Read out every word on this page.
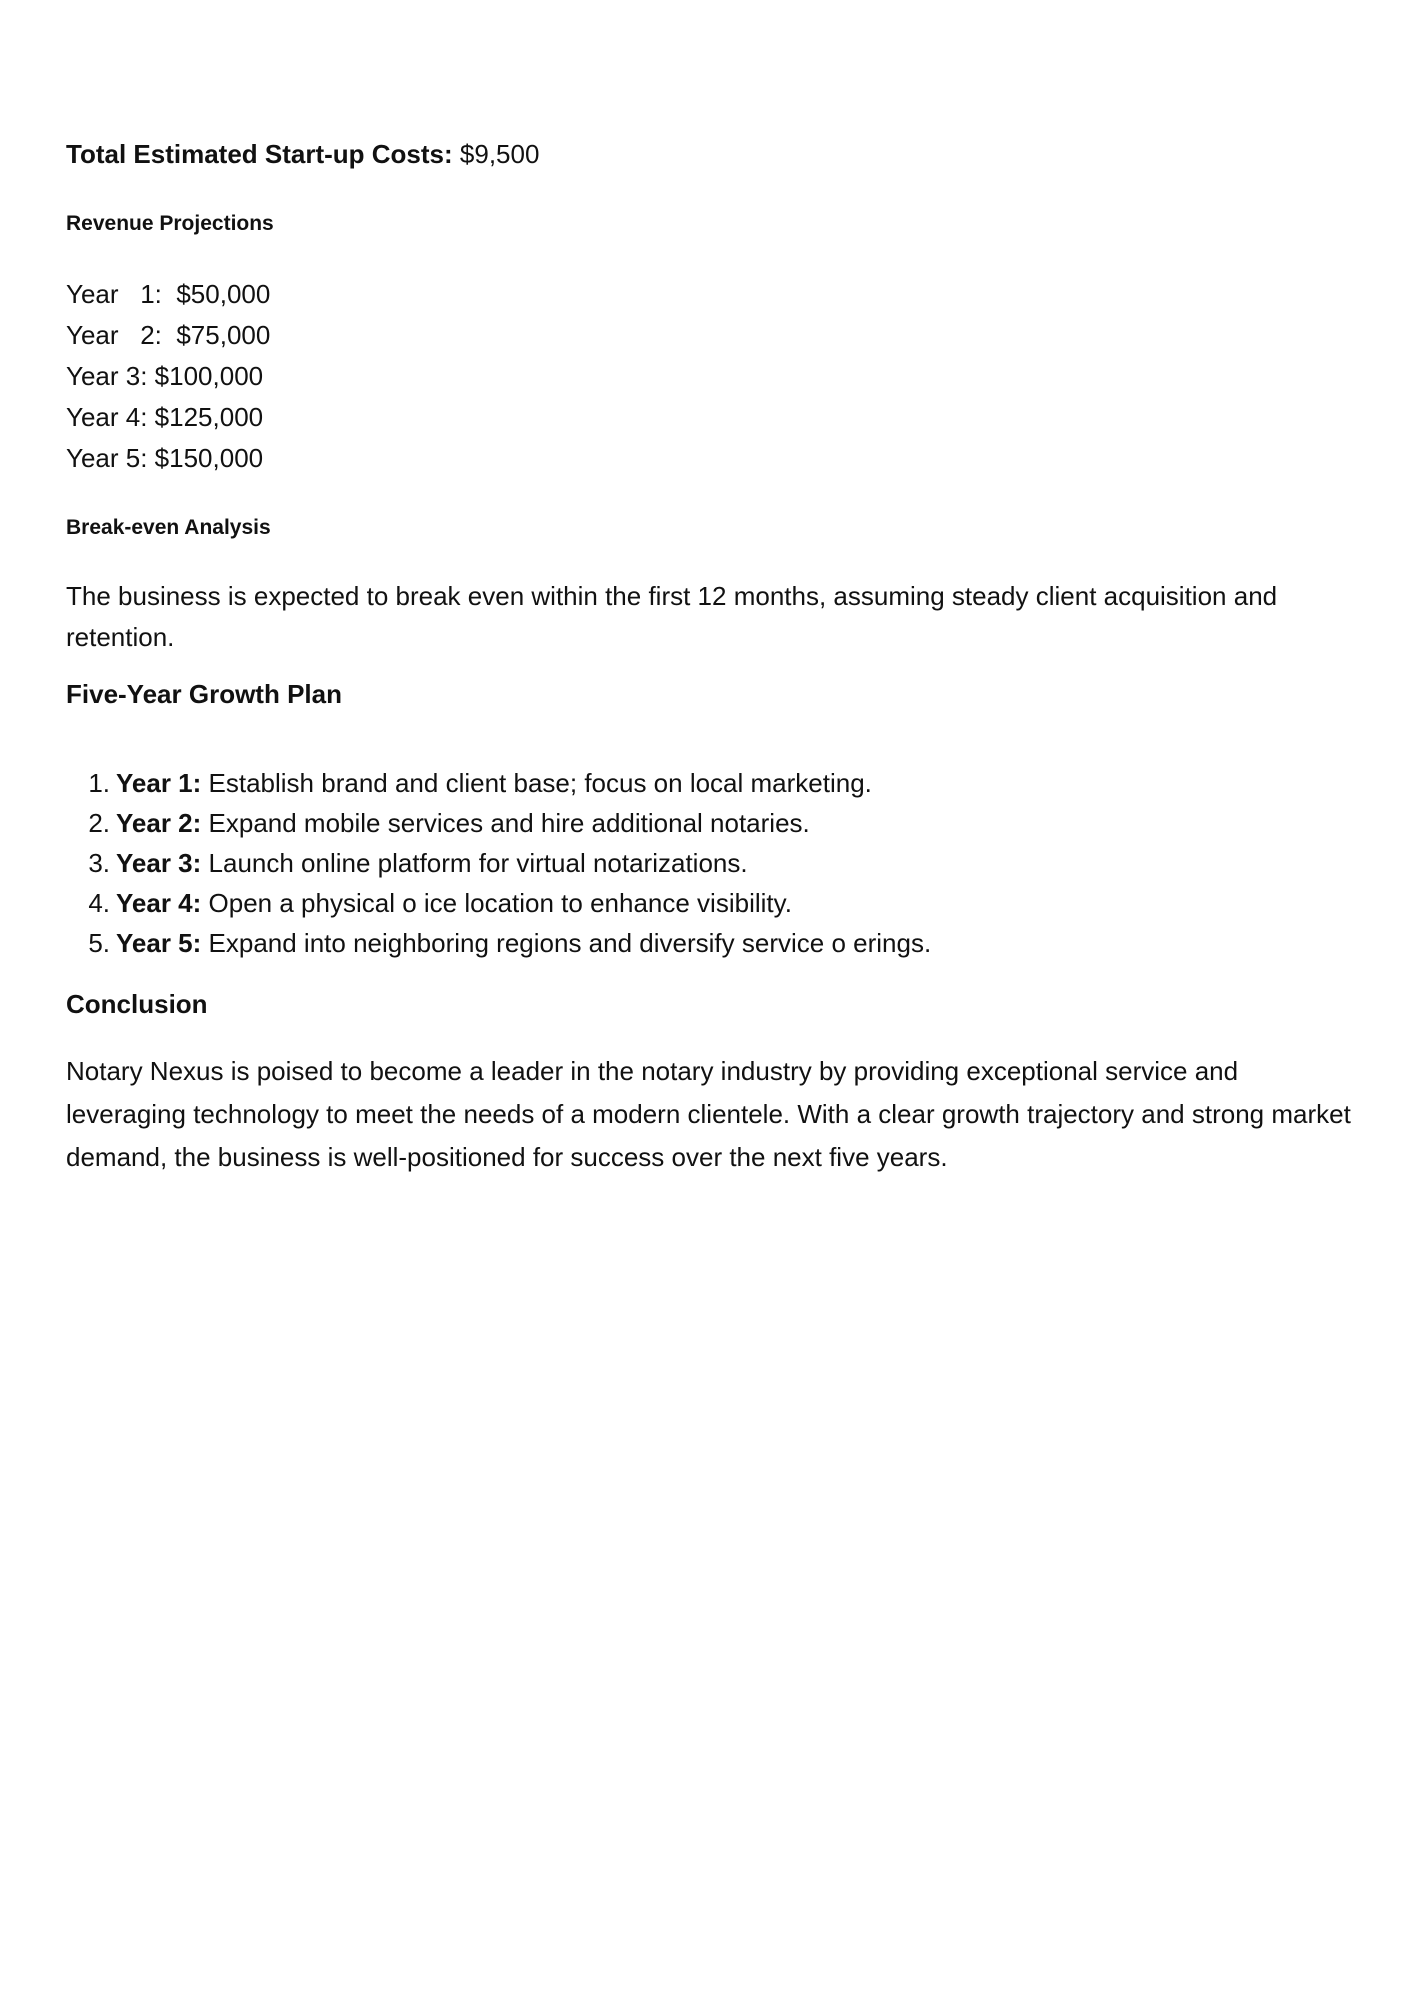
Total Estimated Start-up Costs: $9,500

Revenue Projections
Year   1:  $50,000
Year   2:  $75,000
Year 3: $100,000
Year 4: $125,000
Year 5: $150,000
Break-even Analysis

The business is expected to break even within the first 12 months, assuming steady client acquisition and retention.

Five-Year Growth Plan
1. Year 1: Establish brand and client base; focus on local marketing.
2. Year 2: Expand mobile services and hire additional notaries.
3. Year 3: Launch online platform for virtual notarizations.
4. Year 4: Open a physical o ice location to enhance visibility.
5. Year 5: Expand into neighboring regions and diversify service o erings.
Conclusion

Notary Nexus is poised to become a leader in the notary industry by providing exceptional service and leveraging technology to meet the needs of a modern clientele. With a clear growth trajectory and strong market demand, the business is well-positioned for success over the next five years.
